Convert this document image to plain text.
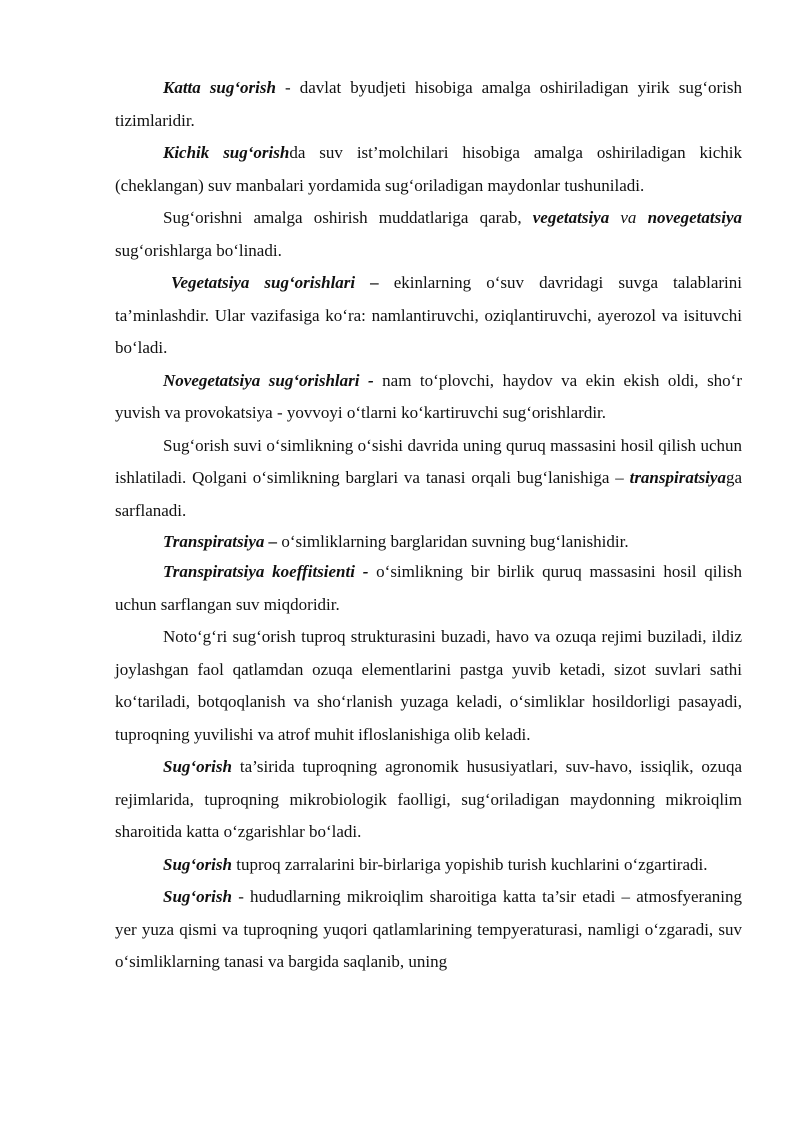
Katta sug‘orish - davlat byudjeti hisobiga amalga oshiriladigan yirik sug‘orish tizimlaridir.

Kichik sug‘orishda suv ist’molchilari hisobiga amalga oshiriladigan kichik (cheklangan) suv manbalari yordamida sug‘oriladigan maydonlar tushuniladi.

Sug‘orishni amalga oshirish muddatlariga qarab, vegetatsiya va novegetatsiya sug‘orishlarga bo‘linadi.

Vegetatsiya sug‘orishlari – ekinlarning o‘suv davridagi suvga talablarini ta’minlashdir. Ular vazifasiga ko‘ra: namlantiruvchi, oziqlantiruvchi, ayerozol va isituvchi bo‘ladi.

Novegetatsiya sug‘orishlari - nam to‘plovchi, haydov va ekin ekish oldi, sho‘r yuvish va provokatsiya - yovvoyi o‘tlarni ko‘kartiruvchi sug‘orishlardir.

Sug‘orish suvi o‘simlikning o‘sishi davrida uning quruq massasini hosil qilish uchun ishlatiladi. Qolgani o‘simlikning barglari va tanasi orqali bug‘lanishiga – transpiratsiyaga sarflanadi.

Transpiratsiya – o‘simliklarning barglaridan suvning bug‘lanishidir.

Transpiratsiya koeffitsienti - o‘simlikning bir birlik quruq massasini hosil qilish uchun sarflangan suv miqdoridir.

Noto‘g‘ri sug‘orish tuproq strukturasini buzadi, havo va ozuqa rejimi buziladi, ildiz joylashgan faol qatlamdan ozuqa elementlarini pastga yuvib ketadi, sizot suvlari sathi ko‘tariladi, botqoqlanish va sho‘rlanish yuzaga keladi, o‘simliklar hosildorligi pasayadi, tuproqning yuvilishi va atrof muhit ifloslanishiga olib keladi.

Sug‘orish ta’sirida tuproqning agronomik hususiyatlari, suv-havo, issiqlik, ozuqa rejimlarida, tuproqning mikrobiologik faolligi, sug‘oriladigan maydonning mikroiqlim sharoitida katta o‘zgarishlar bo‘ladi.

Sug‘orish tuproq zarralarini bir-birlariga yopishib turish kuchlarini o‘zgartiradi.

Sug‘orish - hududlarning mikroiqlim sharoitiga katta ta’sir etadi – atmosfyeraning yer yuza qismi va tuproqning yuqori qatlamlarining tempyeraturasi, namligi o‘zgaradi, suv o‘simliklarning tanasi va bargida saqlanib, uning
